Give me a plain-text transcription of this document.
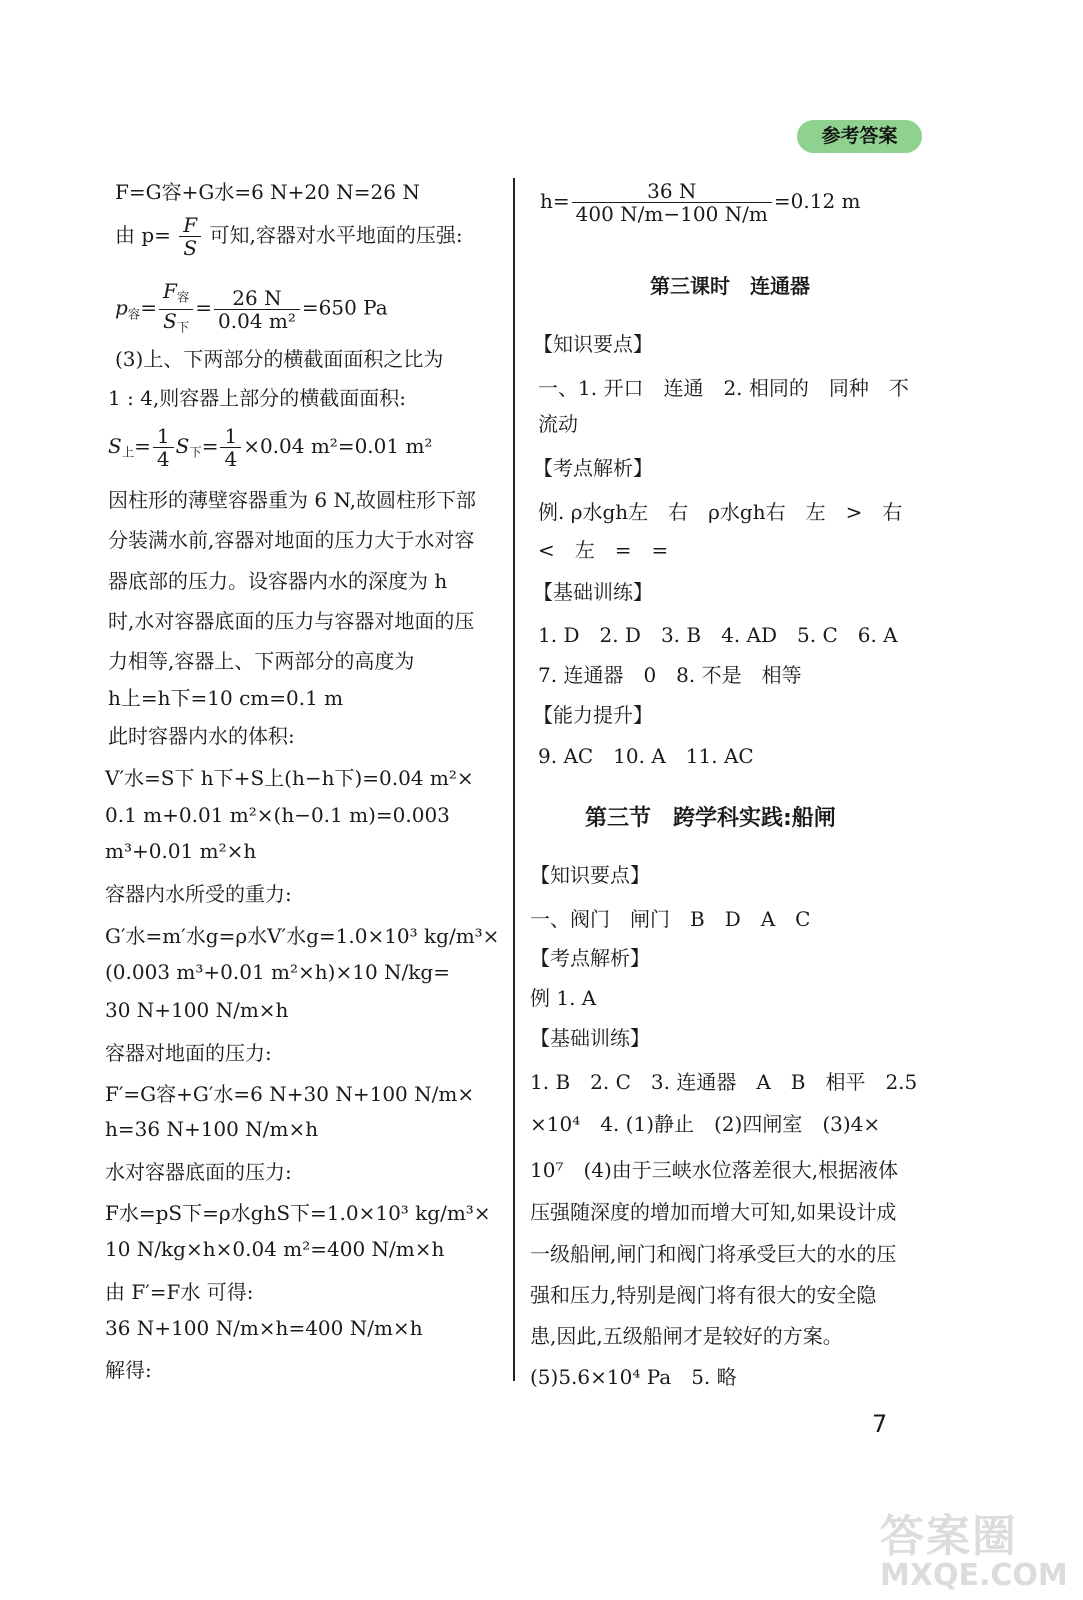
参考答案
F=G容+G水=6 N+20 N=26 N
由 $p= \frac{F}{S}$ 可知,容器对水平地面的压强:
$p_容= \frac{F_容}{S_下} = \frac{26 N}{\text{0.04 m²}} =650$ Pa
(3)上、下两部分的横截面面积之比为
1 : 4,则容器上部分的横截面面积:
$S_上= \frac{1}{4} S_下= \frac{1}{4} \times 0.04$ m²=0.01 m²
因柱形的薄壁容器重为 6 N,故圆柱形下部
分装满水前,容器对地面的压力大于水对容
器底部的压力。设容器内水的深度为 h
时,水对容器底面的压力与容器对地面的压
力相等,容器上、下两部分的高度为
h上=h下=10 cm=0.1 m
此时容器内水的体积:
V′水=S下 h下+S上(h−h下)=0.04 m²×
0.1 m+0.01 m²×(h−0.1 m)=0.003
m³+0.01 m²×h
容器内水所受的重力:
G′水=m′水g=ρ水V′水g=1.0×10³ kg/m³×
(0.003 m³+0.01 m²×h)×10 N/kg=
30 N+100 N/m×h
容器对地面的压力:
F′=G容+G′水=6 N+30 N+100 N/m×
h=36 N+100 N/m×h
水对容器底面的压力:
F水=pS下=ρ水ghS下=1.0×10³ kg/m³×
10 N/kg×h×0.04 m²=400 N/m×h
由 F′=F水 可得:
36 N+100 N/m×h=400 N/m×h
解得:
$h= \frac{36 N}{400 N/m-100 N/m} =0.12$ m
第三课时　连通器
【知识要点】
一、1. 开口　连通　2. 相同的　同种　不
流动
【考点解析】
例. ρ水gh左　右　ρ水gh右　左　>　右
<　左　=　=
【基础训练】
1. D　2. D　3. B　4. AD　5. C　6. A
7. 连通器　0　8. 不是　相等
【能力提升】
9. AC　10. A　11. AC
第三节　跨学科实践:船闸
【知识要点】
一、阀门　闸门　B　D　A　C
【考点解析】
例 1. A
【基础训练】
1. B　2. C　3. 连通器　A　B　相平　2.5
×10⁴　4. (1)静止　(2)四闸室　(3)4×
10⁷　(4)由于三峡水位落差很大,根据液体
压强随深度的增加而增大可知,如果设计成
一级船闸,闸门和阀门将承受巨大的水的压
强和压力,特别是阀门将有很大的安全隐
患,因此,五级船闸才是较好的方案。
(5)5.6×10⁴ Pa　5. 略
7
答案圈
MXQE.COM
